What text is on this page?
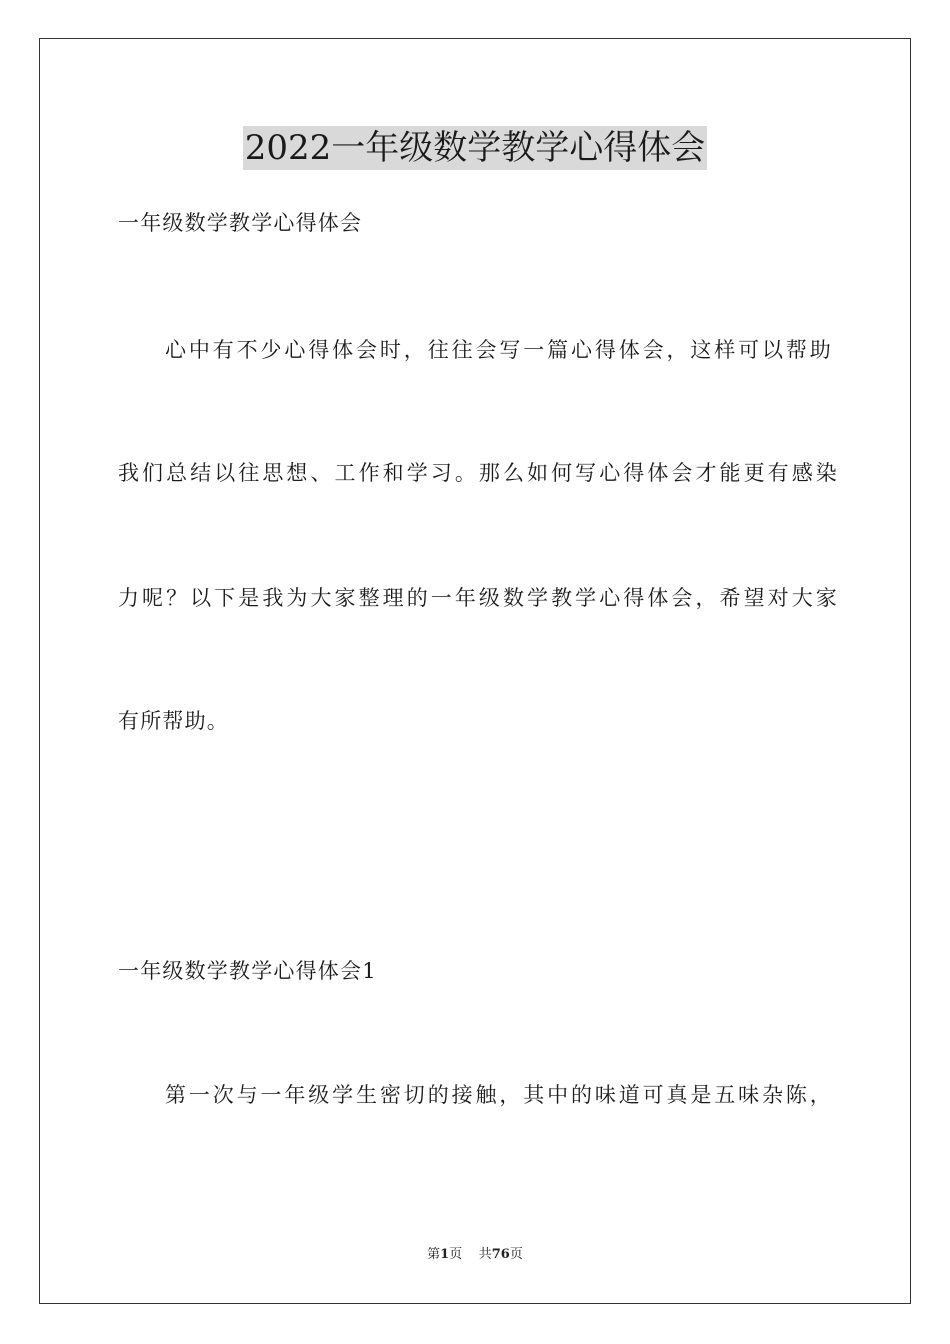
2022一年级数学教学心得体会
一年级数学教学心得体会
心中有不少心得体会时，往往会写一篇心得体会，这样可以帮助
我们总结以往思想、工作和学习。那么如何写心得体会才能更有感染
力呢？以下是我为大家整理的一年级数学教学心得体会，希望对大家
有所帮助。
一年级数学教学心得体会1
第一次与一年级学生密切的接触，其中的味道可真是五味杂陈，
第1页 共76页
